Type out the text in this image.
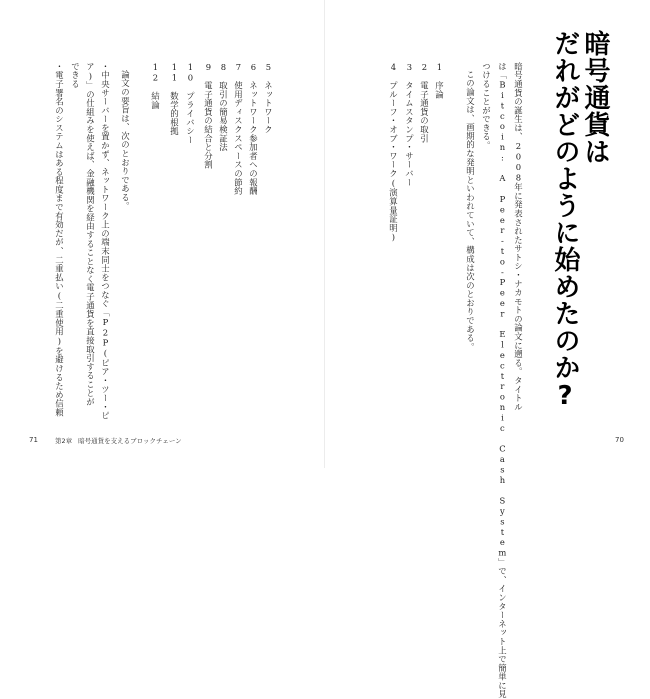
5　ネットワーク
6　ネットワーク参加者への報酬
7　使用ディスクスペースの節約
8　取引の簡易検証法
9　電子通貨の結合と分割
10　プライバシー
11　数学的根拠
12　結論
論文の要旨は、次のとおりである。
・中央サーバーを置かず、ネットワーク上の端末同士をつなぐ「P2P(ピア・ツー・ピ
ア)」の仕組みを使えば、金融機関を経由することなく電子通貨を直接取引することが
できる
・電子署名のシステムはある程度まで有効だが、二重払い(二重使用)を避けるため信頼
71	第2章 暗号通貨を支えるブロックチェーン
暗号通貨は
だれがどのように始めたのか?
暗号通貨の誕生は、2008年に発表されたサトシ・ナカモトの論文に遡る。タイトル
は「Bitcoin: A Peer-to-Peer Electronic Cash System」で、インターネット上で簡単に見
つけることができる。
この論文は、画期的な発明といわれていて、構成は次のとおりである。
1　序論
2　電子通貨の取引
3　タイムスタンプ・サーバー
4　プルーフ・オブ・ワーク(演算量証明)
70
